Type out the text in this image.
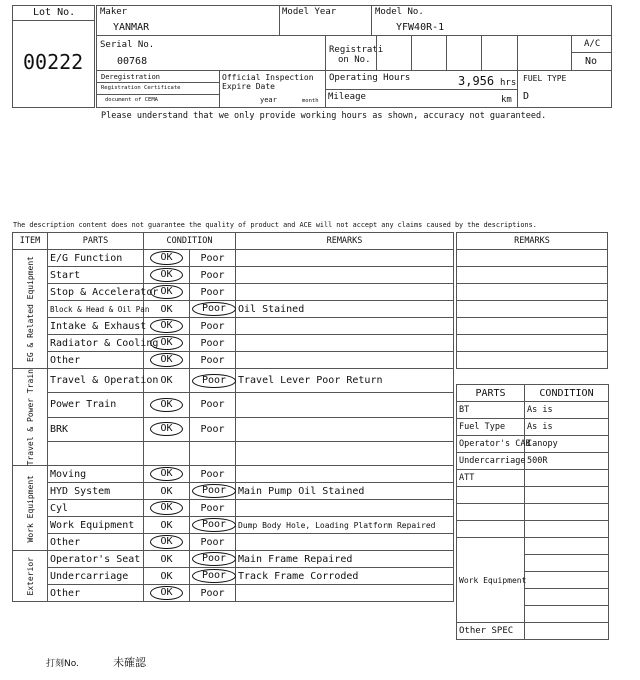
Lot No.
00222
Maker
YANMAR
Model Year	Model No.
YFW40R-1
Serial No.
00768
Registrati
on No.
A/C
No
Deregistration
Registration Certificate
document of CEMA
Official Inspection
Expire Date
year	month
Operating Hours	3,956 hrs
Mileage	km
FUEL TYPE
D
Please understand that we only provide working hours as shown, accuracy not guaranteed.
The description content does not guarantee the quality of product and ACE will not accept any claims caused by the descriptions.
ITEM	PARTS	CONDITION		REMARKS

EG & Related Equipment	E/G Function	OK	Poor	
	Start	OK	Poor	
	Stop & Accelerator	OK	Poor	
	Block & Head & Oil Pan	OK	Poor	Oil Stained
	Intake & Exhaust	OK	Poor	
	Radiator & Cooling	OK	Poor	
	Other	OK	Poor	

Travel & Power Train	Travel & Operation	OK	Poor	Travel Lever Poor Return
	Power Train	OK	Poor	
	BRK	OK	Poor	

Work Equipment	Moving	OK	Poor	
	HYD System	OK	Poor	Main Pump Oil Stained
	Cyl	OK	Poor	
	Work Equipment	OK	Poor	Dump Body Hole, Loading Platform Repaired
	Other	OK	Poor	

Exterior	Operator's Seat	OK	Poor	Main Frame Repaired
	Undercarriage	OK	Poor	Track Frame Corroded
	Other	OK	Poor	
REMARKS

PARTS	CONDITION
BT	As is
Fuel Type	As is
Operator's CAB	Canopy
Undercarriage	500R
ATT	

Work Equipment	

Other SPEC	
打刻No.	未確認
